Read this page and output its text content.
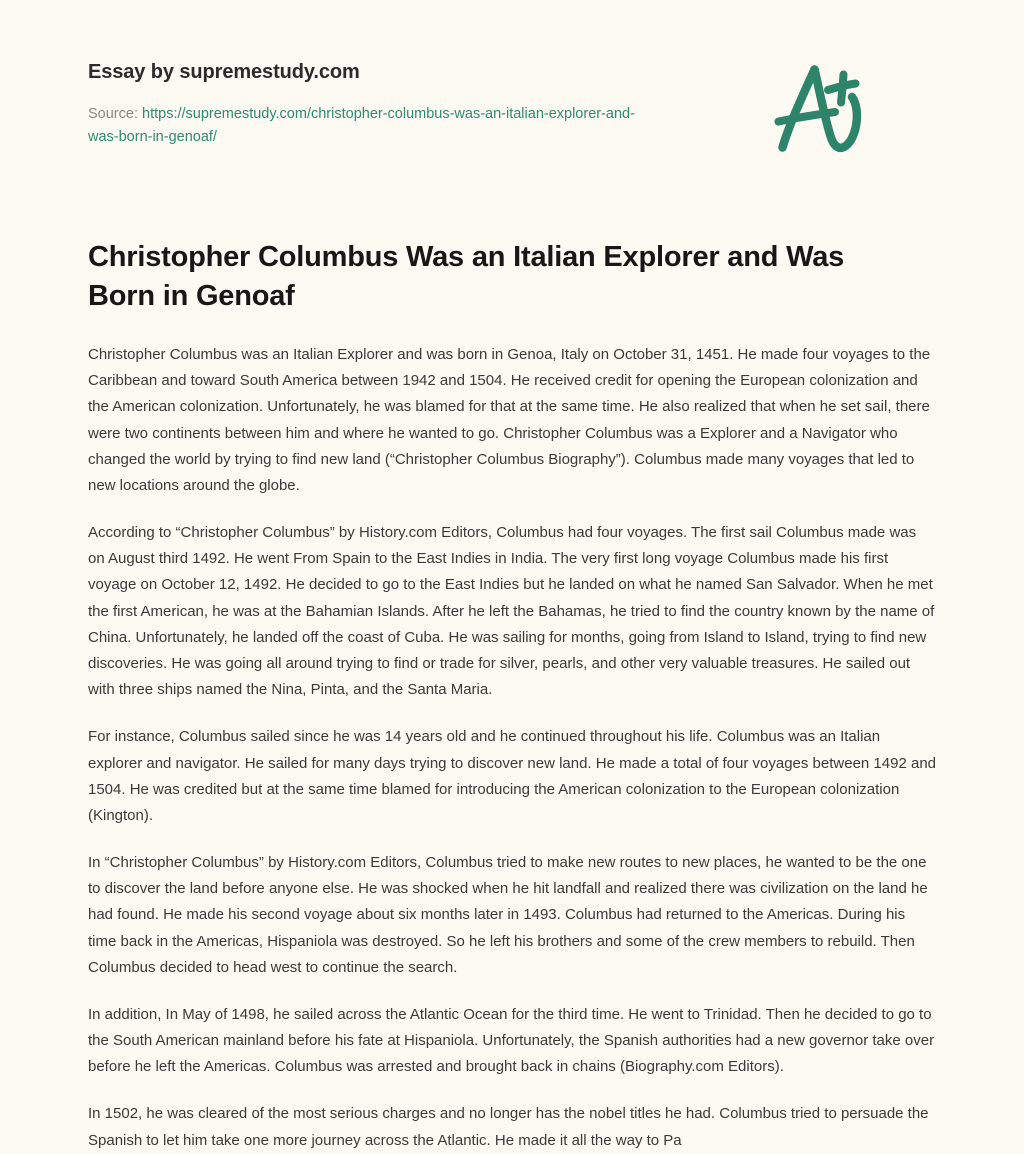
Essay by supremestudy.com
Source: https://supremestudy.com/christopher-columbus-was-an-italian-explorer-and-was-born-in-genoaf/
Christopher Columbus Was an Italian Explorer and Was Born in Genoaf

Christopher Columbus was an Italian Explorer and was born in Genoa, Italy on October 31, 1451. He made four voyages to the Caribbean and toward South America between 1942 and 1504. He received credit for opening the European colonization and the American colonization. Unfortunately, he was blamed for that at the same time. He also realized that when he set sail, there were two continents between him and where he wanted to go. Christopher Columbus was a Explorer and a Navigator who changed the world by trying to find new land (“Christopher Columbus Biography”). Columbus made many voyages that led to new locations around the globe.

According to “Christopher Columbus” by History.com Editors, Columbus had four voyages. The first sail Columbus made was on August third 1492. He went From Spain to the East Indies in India. The very first long voyage Columbus made his first voyage on October 12, 1492. He decided to go to the East Indies but he landed on what he named San Salvador. When he met the first American, he was at the Bahamian Islands. After he left the Bahamas, he tried to find the country known by the name of China. Unfortunately, he landed off the coast of Cuba. He was sailing for months, going from Island to Island, trying to find new discoveries. He was going all around trying to find or trade for silver, pearls, and other very valuable treasures. He sailed out with three ships named the Nina, Pinta, and the Santa Maria.

For instance, Columbus sailed since he was 14 years old and he continued throughout his life. Columbus was an Italian explorer and navigator. He sailed for many days trying to discover new land. He made a total of four voyages between 1492 and 1504. He was credited but at the same time blamed for introducing the American colonization to the European colonization (Kington).

In “Christopher Columbus” by History.com Editors, Columbus tried to make new routes to new places, he wanted to be the one to discover the land before anyone else. He was shocked when he hit landfall and realized there was civilization on the land he had found. He made his second voyage about six months later in 1493. Columbus had returned to the Americas. During his time back in the Americas, Hispaniola was destroyed. So he left his brothers and some of the crew members to rebuild. Then Columbus decided to head west to continue the search.

In addition, In May of 1498, he sailed across the Atlantic Ocean for the third time. He went to Trinidad. Then he decided to go to the South American mainland before his fate at Hispaniola. Unfortunately, the Spanish authorities had a new governor take over before he left the Americas. Columbus was arrested and brought back in chains (Biography.com Editors).

In 1502, he was cleared of the most serious charges and no longer has the nobel titles he had. Columbus tried to persuade the Spanish to let him take one more journey across the Atlantic. He made it all the way to Pa
